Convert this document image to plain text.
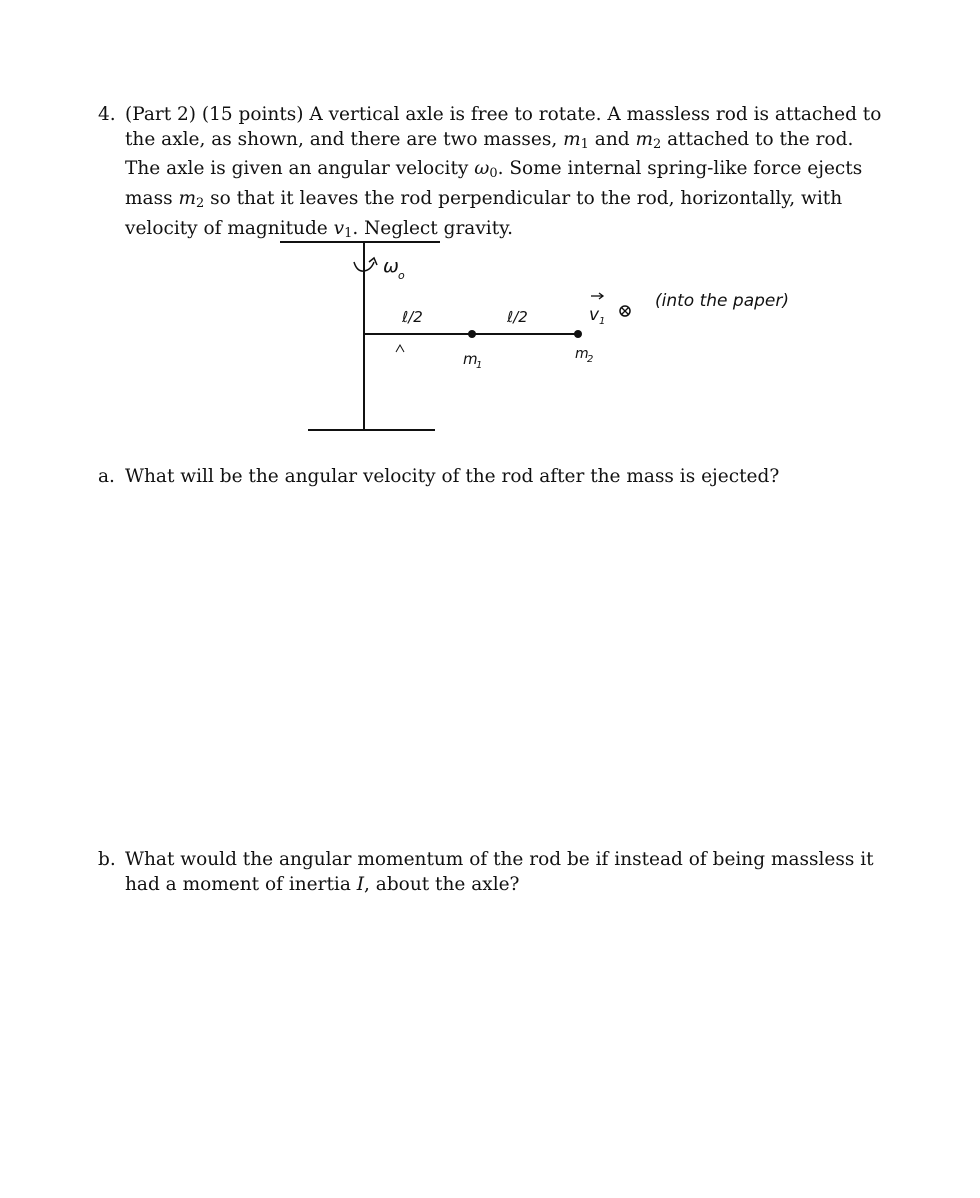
4. (Part 2) (15 points) A vertical axle is free to rotate. A massless rod is attached to the axle, as shown, and there are two masses, $m_1$ and $m_2$ attached to the rod. The axle is given an angular velocity $\omega_0$. Some internal spring-like force ejects mass $m_2$ so that it leaves the rod perpendicular to the rod, horizontally, with velocity of magnitude $v_1$. Neglect gravity.
ω o
ℓ/2	ℓ/2	v 1
(into the paper)
m
1
m
2
a. What will be the angular velocity of the rod after the mass is ejected?
b. What would the angular momentum of the rod be if instead of being massless it had a moment of inertia I, about the axle?
